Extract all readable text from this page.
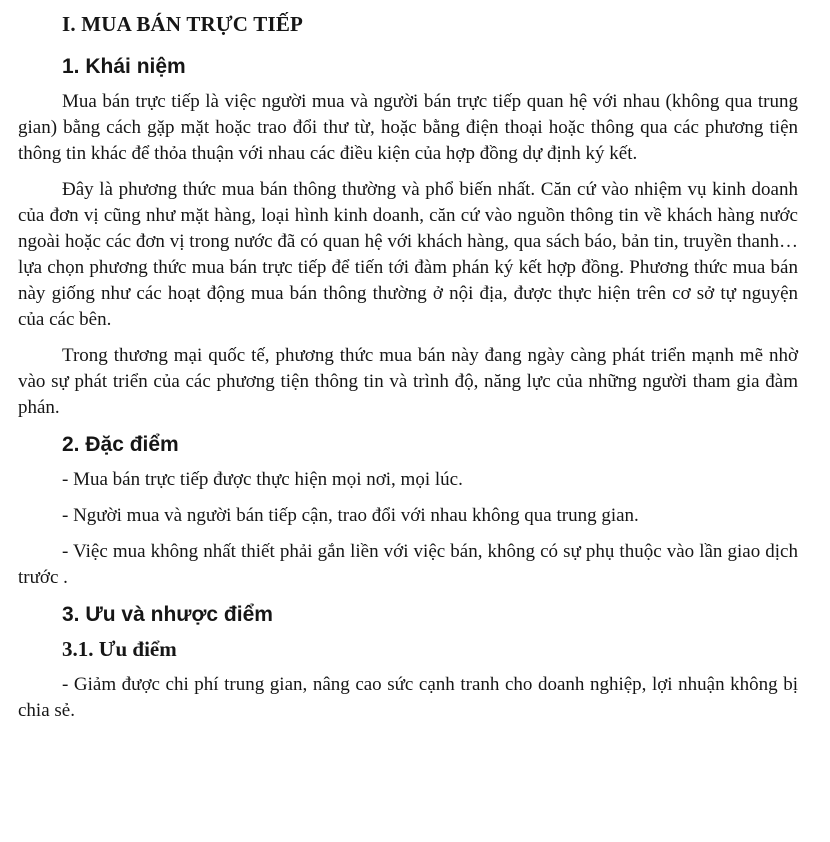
I. MUA BÁN TRỰC TIẾP
1. Khái niệm

Mua bán trực tiếp là việc người mua và người bán trực tiếp quan hệ với nhau (không qua trung gian) bằng cách gặp mặt hoặc trao đổi thư từ, hoặc bằng điện thoại hoặc thông qua các phương tiện thông tin khác để thỏa thuận với nhau các điều kiện của hợp đồng dự định ký kết.

Đây là phương thức mua bán thông thường và phổ biến nhất. Căn cứ vào nhiệm vụ kinh doanh của đơn vị cũng như mặt hàng, loại hình kinh doanh, căn cứ vào nguồn thông tin về khách hàng nước ngoài hoặc các đơn vị trong nước đã có quan hệ với khách hàng, qua sách báo, bản tin, truyền thanh…lựa chọn phương thức mua bán trực tiếp để tiến tới đàm phán ký kết hợp đồng. Phương thức mua bán này giống như các hoạt động mua bán thông thường ở nội địa, được thực hiện trên cơ sở tự nguyện của các bên.

Trong thương mại quốc tế, phương thức mua bán này đang ngày càng phát triển mạnh mẽ nhờ vào sự phát triển của các phương tiện thông tin và trình độ, năng lực của những người tham gia đàm phán.

2. Đặc điểm

- Mua bán trực tiếp được thực hiện mọi nơi, mọi lúc.

- Người mua và người bán tiếp cận, trao đổi với nhau không qua trung gian.

- Việc mua không nhất thiết phải gắn liền với việc bán, không có sự phụ thuộc vào lần giao dịch trước .

3. Ưu và nhược điểm
3.1. Ưu điểm

- Giảm được chi phí trung gian, nâng cao sức cạnh tranh cho doanh nghiệp, lợi nhuận không bị chia sẻ.
